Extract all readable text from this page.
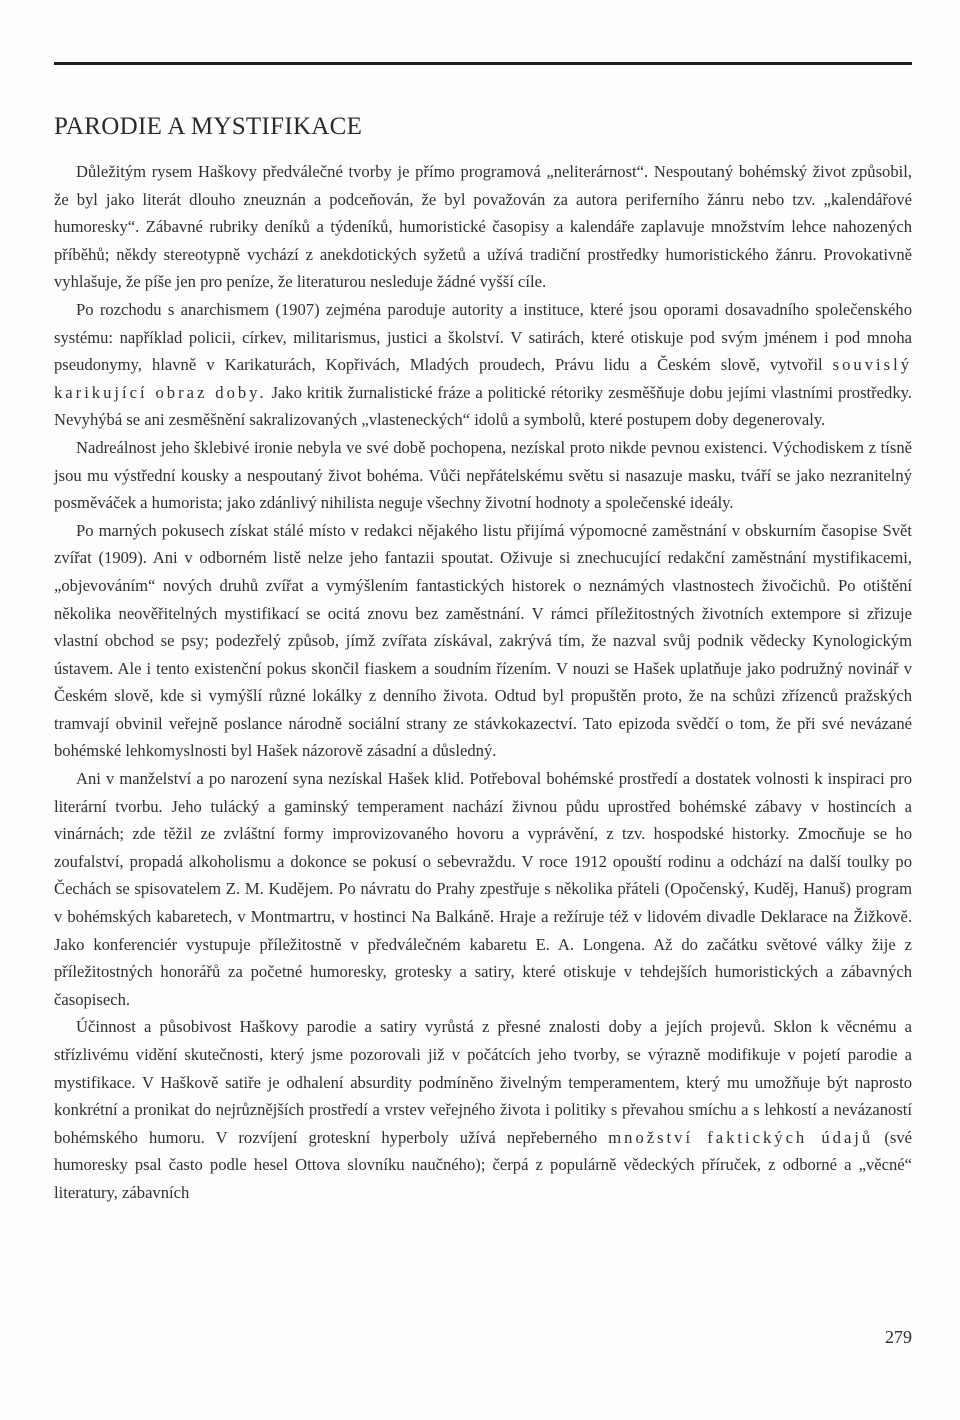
PARODIE A MYSTIFIKACE

Důležitým rysem Haškovy předválečné tvorby je přímo programová „neliterárnost“. Nespoutaný bohémský život způsobil, že byl jako literát dlouho zneuznán a podceňován, že byl považován za autora periferního žánru nebo tzv. „kalendářové humoresky“. Zábavné rubriky deníků a týdeníků, humoristické časopisy a kalendáře zaplavuje množstvím lehce nahozených příběhů; někdy stereotypně vychází z anekdotických syžetů a užívá tradiční prostředky humoristického žánru. Provokativně vyhlašuje, že píše jen pro peníze, že literaturou nesleduje žádné vyšší cíle.

Po rozchodu s anarchismem (1907) zejména paroduje autority a instituce, které jsou oporami dosavadního společenského systému: například policii, církev, militarismus, justici a školství. V satirách, které otiskuje pod svým jménem i pod mnoha pseudonymy, hlavně v Karikaturách, Kopřivách, Mladých proudech, Právu lidu a Českém slově, vytvořil souvislý karikující obraz doby. Jako kritik žurnalistické fráze a politické rétoriky zesměšňuje dobu jejími vlastními prostředky. Nevyhýbá se ani zesměšnění sakralizovaných „vlasteneckých“ idolů a symbolů, které postupem doby degenerovaly.

Nadreálnost jeho šklebivé ironie nebyla ve své době pochopena, nezískal proto nikde pevnou existenci. Východiskem z tísně jsou mu výstřední kousky a nespoutaný život bohéma. Vůči nepřátelskému světu si nasazuje masku, tváří se jako nezranitelný posměváček a humorista; jako zdánlivý nihilista neguje všechny životní hodnoty a společenské ideály.

Po marných pokusech získat stálé místo v redakci nějakého listu přijímá výpomocné zaměstnání v obskurním časopise Svět zvířat (1909). Ani v odborném listě nelze jeho fantazii spoutat. Oživuje si znechucující redakční zaměstnání mystifikacemi, „objevováním“ nových druhů zvířat a vymýšlením fantastických historek o neznámých vlastnostech živočichů. Po otištění několika neověřitelných mystifikací se ocitá znovu bez zaměstnání. V rámci příležitostných životních extempore si zřizuje vlastní obchod se psy; podezřelý způsob, jímž zvířata získával, zakrývá tím, že nazval svůj podnik vědecky Kynologickým ústavem. Ale i tento existenční pokus skončil fiaskem a soudním řízením. V nouzi se Hašek uplatňuje jako podružný novinář v Českém slově, kde si vymýšlí různé lokálky z denního života. Odtud byl propuštěn proto, že na schůzi zřízenců pražských tramvají obvinil veřejně poslance národně sociální strany ze stávkokazectví. Tato epizoda svědčí o tom, že při své nevázané bohémské lehkomyslnosti byl Hašek názorově zásadní a důsledný.

Ani v manželství a po narození syna nezískal Hašek klid. Potřeboval bohémské prostředí a dostatek volnosti k inspiraci pro literární tvorbu. Jeho tulácký a gaminský temperament nachází živnou půdu uprostřed bohémské zábavy v hostincích a vinárnách; zde těžil ze zvláštní formy improvizovaného hovoru a vyprávění, z tzv. hospodské historky. Zmocňuje se ho zoufalství, propadá alkoholismu a dokonce se pokusí o sebevraždu. V roce 1912 opouští rodinu a odchází na další toulky po Čechách se spisovatelem Z. M. Kudějem. Po návratu do Prahy zpestřuje s několika přáteli (Opočenský, Kuděj, Hanuš) program v bohémských kabaretech, v Montmartru, v hostinci Na Balkáně. Hraje a režíruje též v lidovém divadle Deklarace na Žižkově. Jako konferenciér vystupuje příležitostně v předválečném kabaretu E. A. Longena. Až do začátku světové války žije z příležitostných honorářů za početné humoresky, grotesky a satiry, které otiskuje v tehdejších humoristických a zábavných časopisech.

Účinnost a působivost Haškovy parodie a satiry vyrůstá z přesné znalosti doby a jejích projevů. Sklon k věcnému a střízlivému vidění skutečnosti, který jsme pozorovali již v počátcích jeho tvorby, se výrazně modifikuje v pojetí parodie a mystifikace. V Haškově satiře je odhalení absurdity podmíněno živelným temperamentem, který mu umožňuje být naprosto konkrétní a pronikat do nejrůznějších prostředí a vrstev veřejného života i politiky s převahou smíchu a s lehkostí a nevázaností bohémského humoru. V rozvíjení groteskní hyperboly užívá nepřeberného množství faktických údajů (své humoresky psal často podle hesel Ottova slovníku naučného); čerpá z populárně vědeckých příruček, z odborné a „věcné“ literatury, zábavních

279
